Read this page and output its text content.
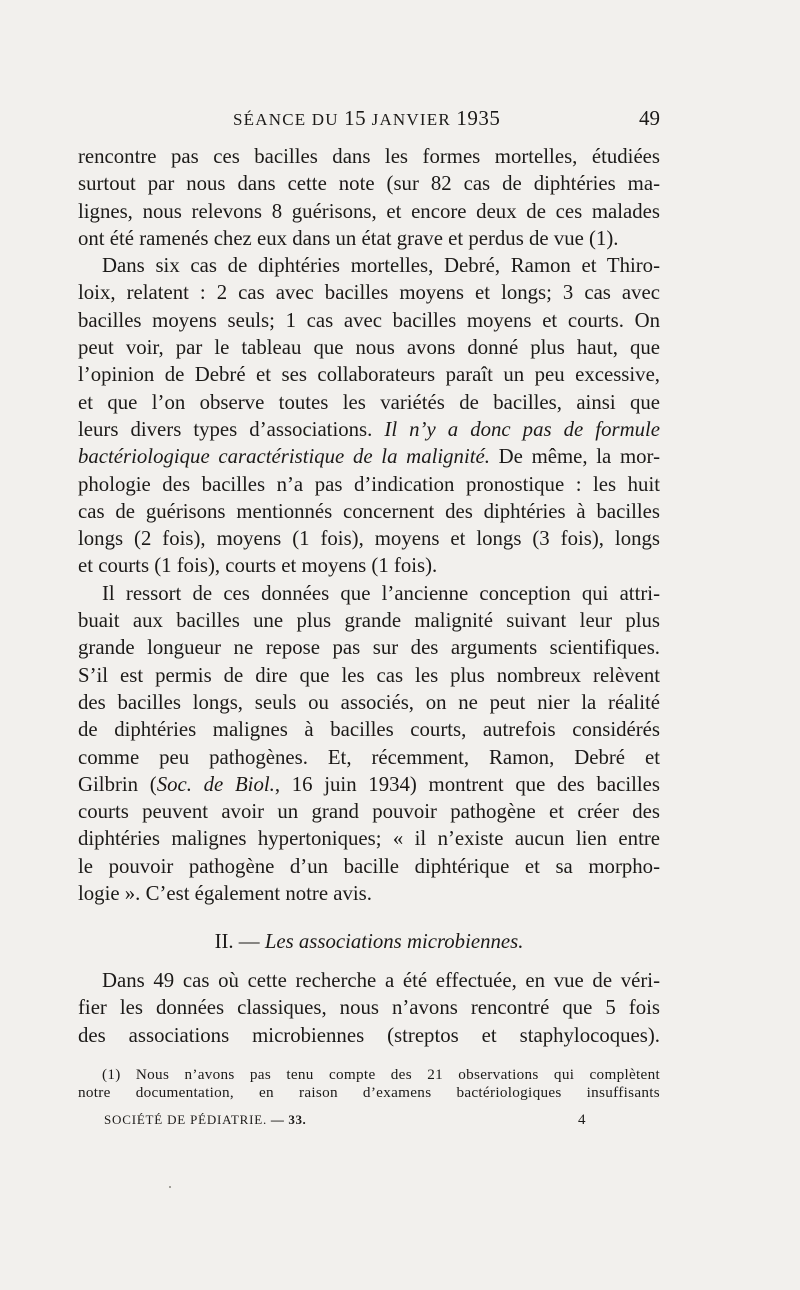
SÉANCE DU 15 JANVIER 1935	49
rencontre pas ces bacilles dans les formes mortelles, étudiées
surtout par nous dans cette note (sur 82 cas de diphtéries ma-
lignes, nous relevons 8 guérisons, et encore deux de ces malades
ont été ramenés chez eux dans un état grave et perdus de vue (1).
Dans six cas de diphtéries mortelles, Debré, Ramon et Thiro-
loix, relatent : 2 cas avec bacilles moyens et longs; 3 cas avec
bacilles moyens seuls; 1 cas avec bacilles moyens et courts. On
peut voir, par le tableau que nous avons donné plus haut, que
l’opinion de Debré et ses collaborateurs paraît un peu excessive,
et que l’on observe toutes les variétés de bacilles, ainsi que
leurs divers types d’associations. Il n’y a donc pas de formule
bactériologique caractéristique de la malignité. De même, la mor-
phologie des bacilles n’a pas d’indication pronostique : les huit
cas de guérisons mentionnés concernent des diphtéries à bacilles
longs (2 fois), moyens (1 fois), moyens et longs (3 fois), longs
et courts (1 fois), courts et moyens (1 fois).
Il ressort de ces données que l’ancienne conception qui attri-
buait aux bacilles une plus grande malignité suivant leur plus
grande longueur ne repose pas sur des arguments scientifiques.
S’il est permis de dire que les cas les plus nombreux relèvent
des bacilles longs, seuls ou associés, on ne peut nier la réalité
de diphtéries malignes à bacilles courts, autrefois considérés
comme peu pathogènes. Et, récemment, Ramon, Debré et
Gilbrin (Soc. de Biol., 16 juin 1934) montrent que des bacilles
courts peuvent avoir un grand pouvoir pathogène et créer des
diphtéries malignes hypertoniques; « il n’existe aucun lien entre
le pouvoir pathogène d’un bacille diphtérique et sa morpho-
logie ». C’est également notre avis.
II. — Les associations microbiennes.
Dans 49 cas où cette recherche a été effectuée, en vue de véri-
fier les données classiques, nous n’avons rencontré que 5 fois
des associations microbiennes (streptos et staphylocoques).
(1) Nous n’avons pas tenu compte des 21 observations qui complètent
notre documentation, en raison d’examens bactériologiques insuffisants
SOCIÉTÉ DE PÉDIATRIE. — 33.	4
